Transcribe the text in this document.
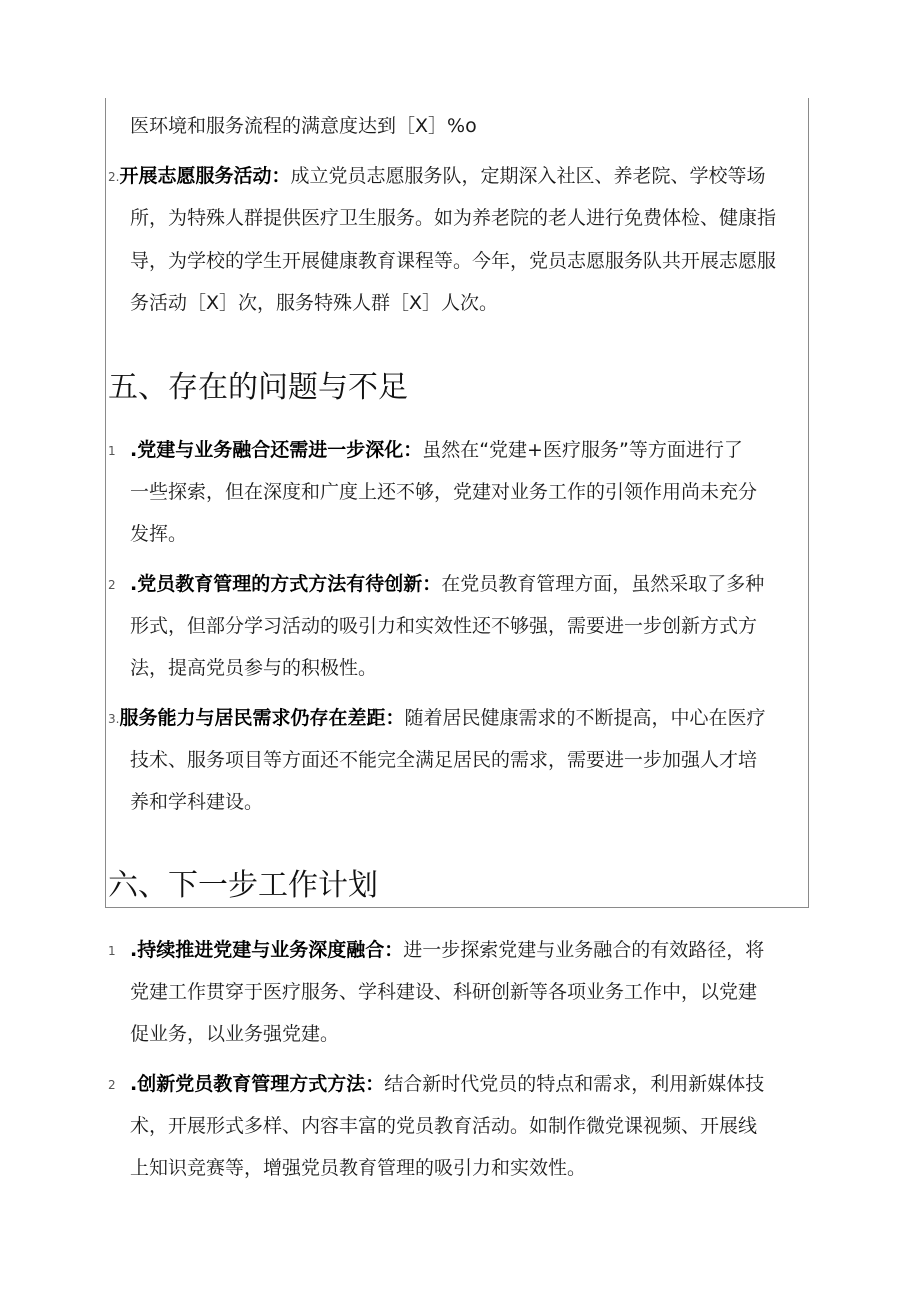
医环境和服务流程的满意度达到［X］%o
2.开展志愿服务活动：成立党员志愿服务队，定期深入社区、养老院、学校等场
所，为特殊人群提供医疗卫生服务。如为养老院的老人进行免费体检、健康指
导，为学校的学生开展健康教育课程等。今年，党员志愿服务队共开展志愿服
务活动［X］次，服务特殊人群［X］人次。
五、存在的问题与不足
1 .党建与业务融合还需进一步深化：虽然在“党建+医疗服务”等方面进行了
一些探索，但在深度和广度上还不够，党建对业务工作的引领作用尚未充分
发挥。
2 .党员教育管理的方式方法有待创新：在党员教育管理方面，虽然采取了多种
形式，但部分学习活动的吸引力和实效性还不够强，需要进一步创新方式方
法，提高党员参与的积极性。
3.服务能力与居民需求仍存在差距：随着居民健康需求的不断提高，中心在医疗
技术、服务项目等方面还不能完全满足居民的需求，需要进一步加强人才培
养和学科建设。
六、下一步工作计划
1 .持续推进党建与业务深度融合：进一步探索党建与业务融合的有效路径，将
党建工作贯穿于医疗服务、学科建设、科研创新等各项业务工作中，以党建
促业务，以业务强党建。
2 .创新党员教育管理方式方法：结合新时代党员的特点和需求，利用新媒体技
术，开展形式多样、内容丰富的党员教育活动。如制作微党课视频、开展线
上知识竞赛等，增强党员教育管理的吸引力和实效性。
